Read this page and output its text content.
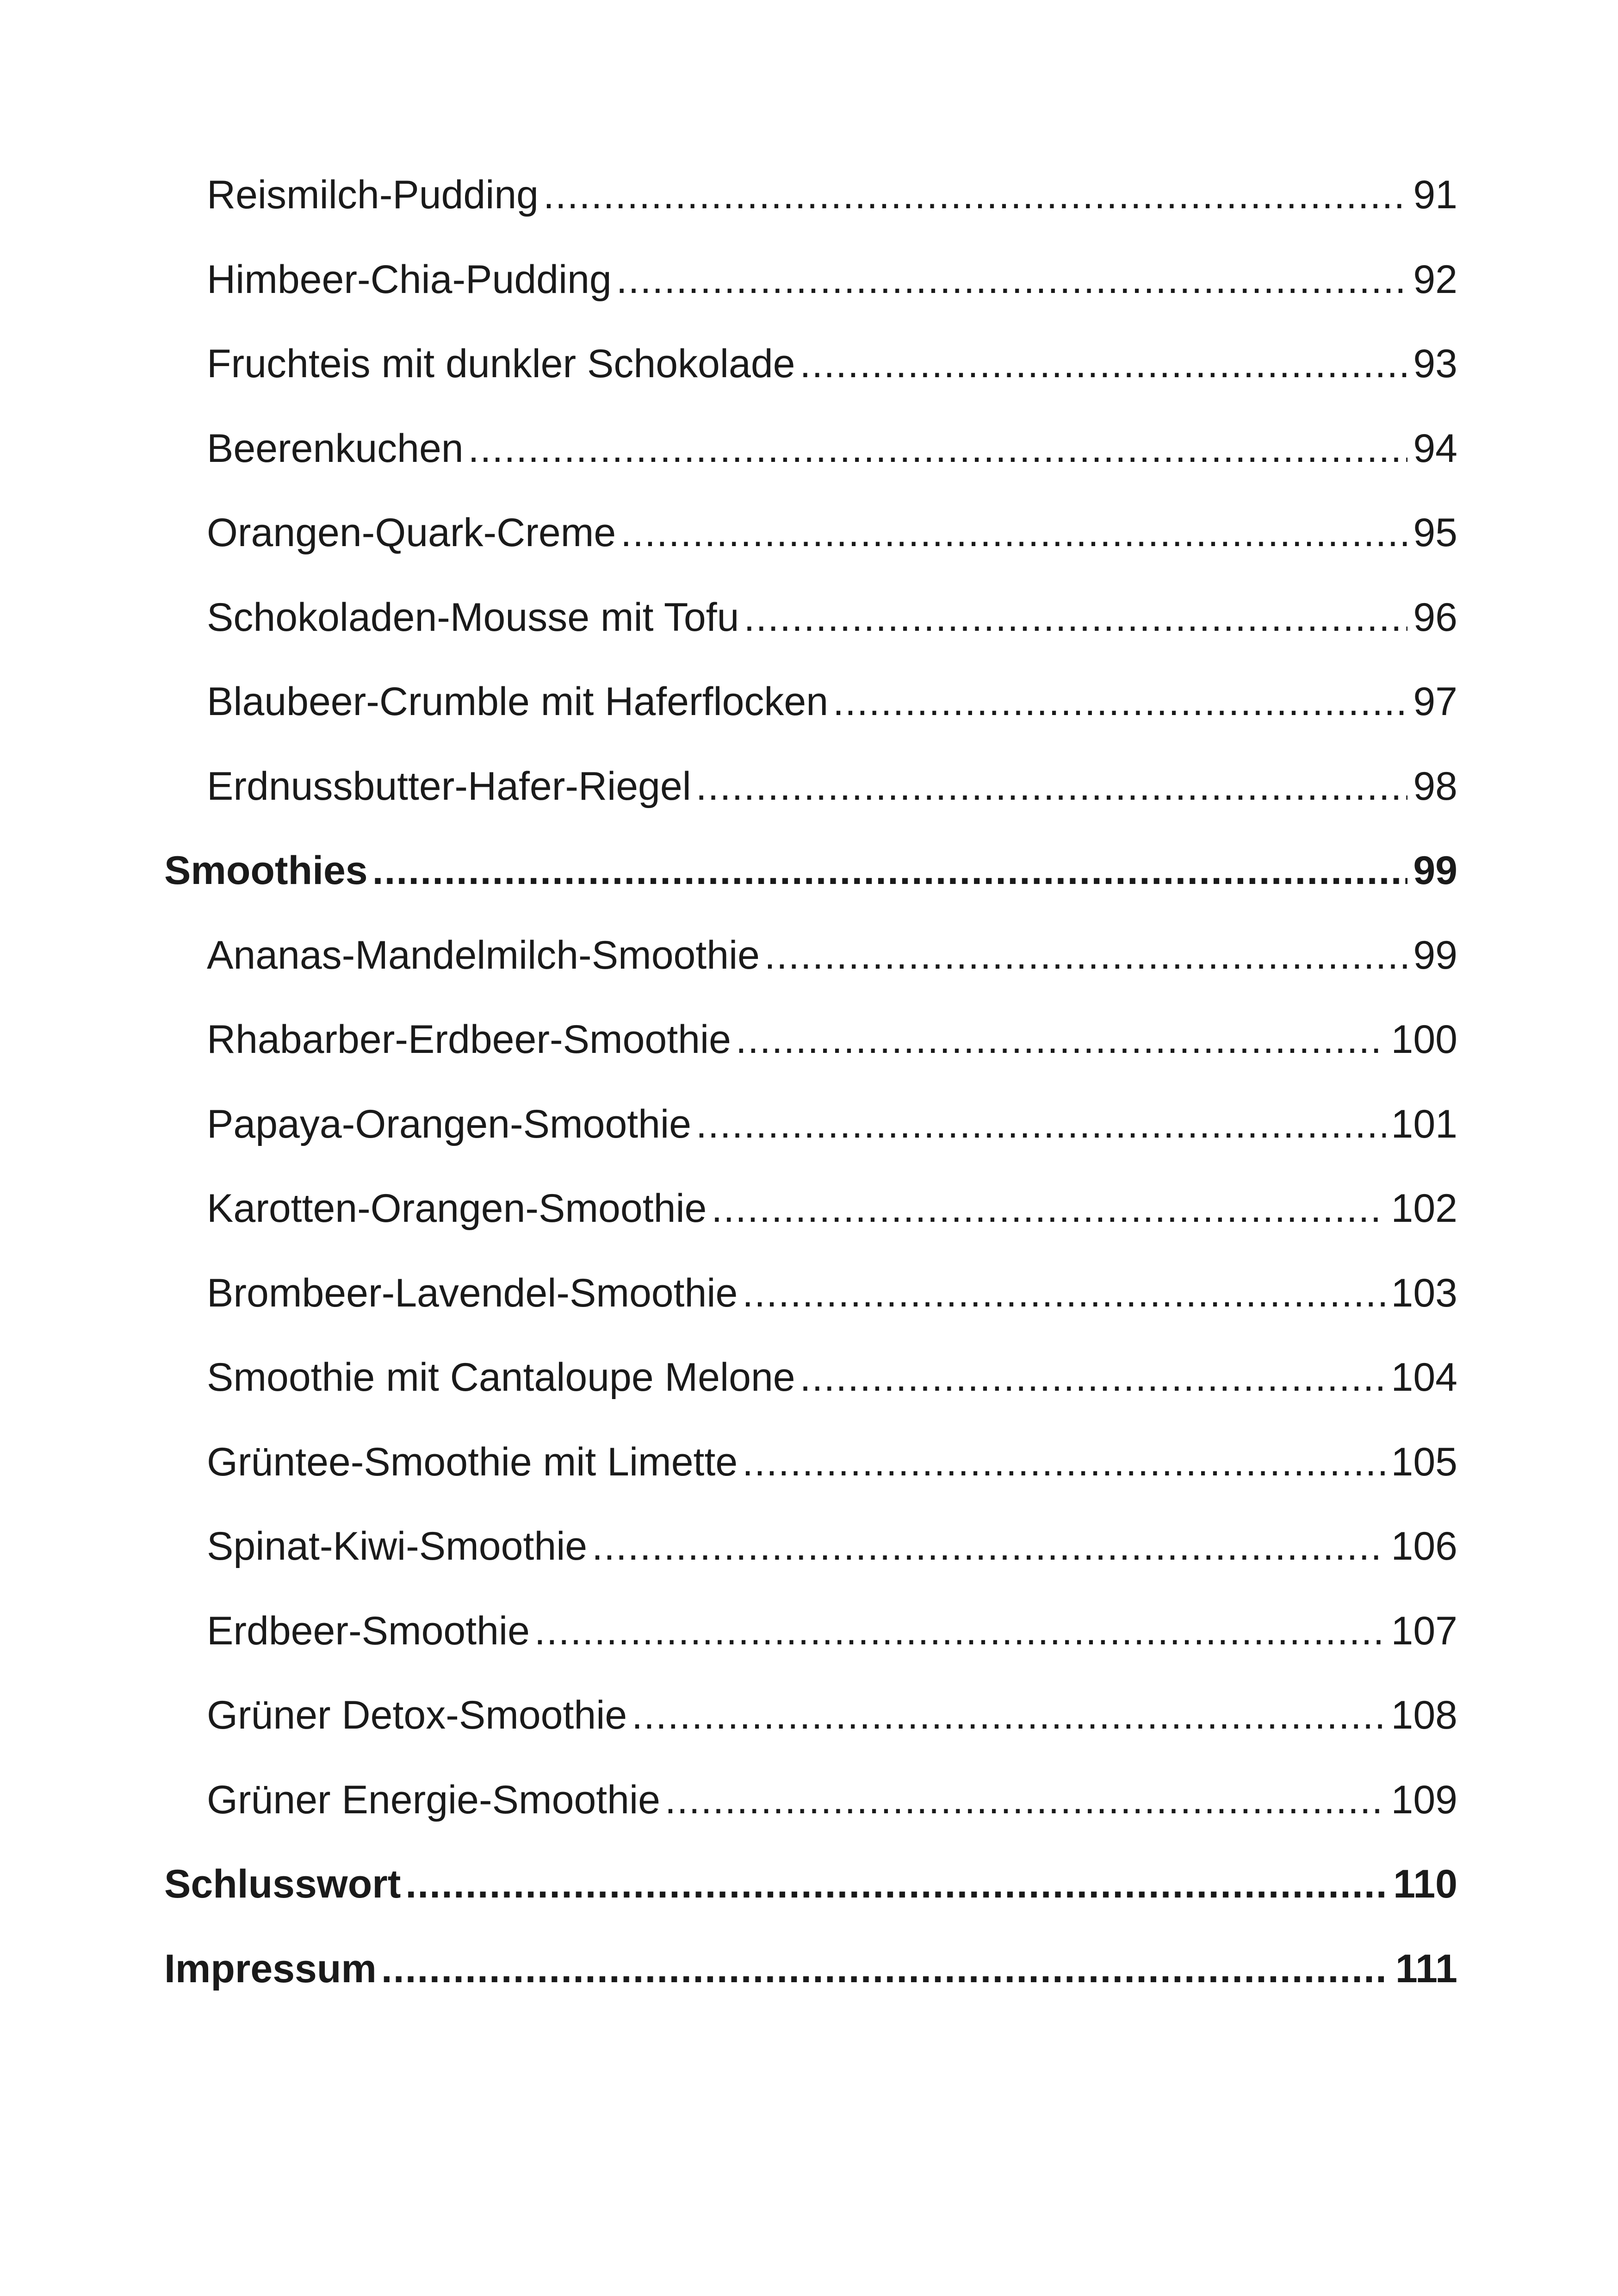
Reismilch-Pudding .....	91
Himbeer-Chia-Pudding .....	92
Fruchteis mit dunkler Schokolade .....	93
Beerenkuchen .....	94
Orangen-Quark-Creme .....	95
Schokoladen-Mousse mit Tofu .....	96
Blaubeer-Crumble mit Haferflocken .....	97
Erdnussbutter-Hafer-Riegel .....	98
Smoothies .....	99
Ananas-Mandelmilch-Smoothie .....	99
Rhabarber-Erdbeer-Smoothie .....	100
Papaya-Orangen-Smoothie .....	101
Karotten-Orangen-Smoothie .....	102
Brombeer-Lavendel-Smoothie .....	103
Smoothie mit Cantaloupe Melone .....	104
Grüntee-Smoothie mit Limette .....	105
Spinat-Kiwi-Smoothie .....	106
Erdbeer-Smoothie .....	107
Grüner Detox-Smoothie .....	108
Grüner Energie-Smoothie .....	109
Schlusswort .....	110
Impressum .....	111
